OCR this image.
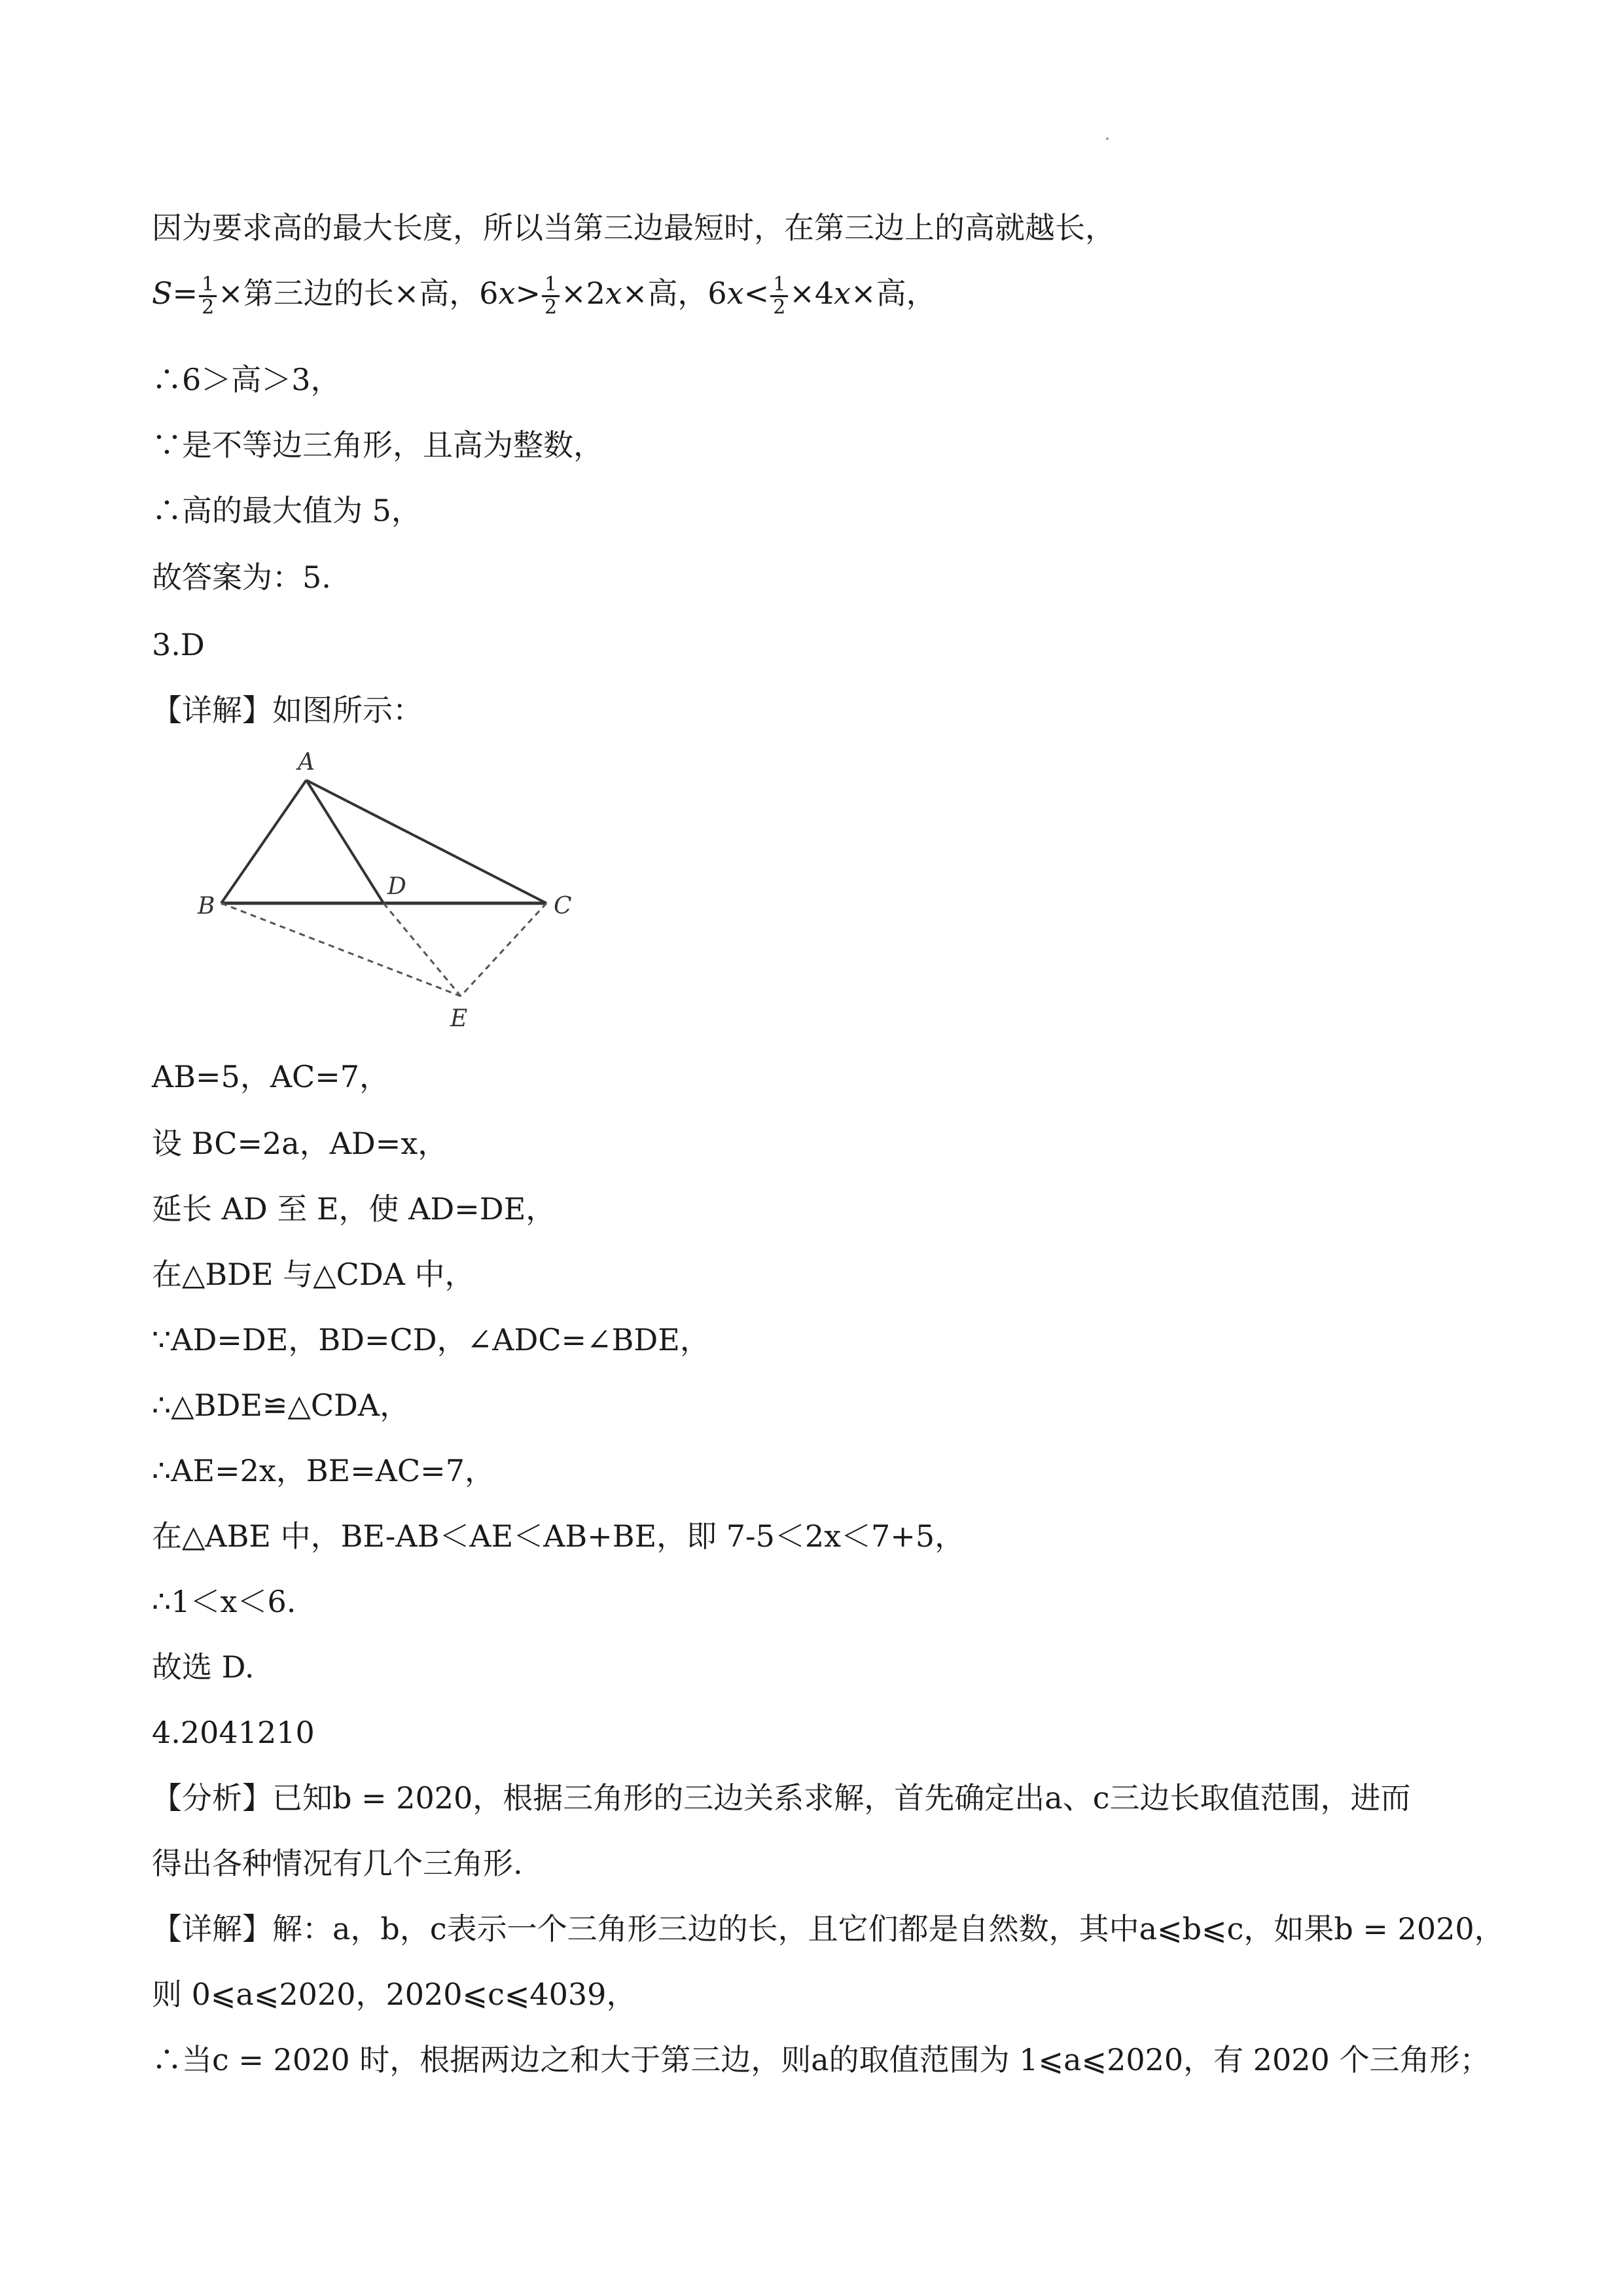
因为要求高的最大长度，所以当第三边最短时，在第三边上的高就越长，
$S= \frac{1}{2}$ ×第三边的长×高，$6x> \frac{1}{2} \times 2x\times$高，$6x< \frac{1}{2} \times 4x\times$高，
∴6＞高＞3，
∵是不等边三角形，且高为整数，
∴高的最大值为 5，
故答案为：5.
3.D
【详解】如图所示：
A
B	C
D
E
AB=5，AC=7，
设 BC=2a，AD=x，
延长 AD 至 E，使 AD=DE，
在△BDE 与△CDA 中，
∵AD=DE，BD=CD，∠ADC=∠BDE，
∴△BDE≌△CDA，
∴AE=2x，BE=AC=7，
在△ABE 中，BE-AB＜AE＜AB+BE，即 7-5＜2x＜7+5，
∴1＜x＜6.
故选 D.
4.2041210
【分析】已知b = 2020，根据三角形的三边关系求解，首先确定出a、c三边长取值范围，进而
得出各种情况有几个三角形.
【详解】解：a，b，c表示一个三角形三边的长，且它们都是自然数，其中a⩽b⩽c，如果b = 2020，
则 0⩽a⩽2020，2020⩽c⩽4039，
∴当c = 2020 时，根据两边之和大于第三边，则a的取值范围为 1⩽a⩽2020，有 2020 个三角形；
